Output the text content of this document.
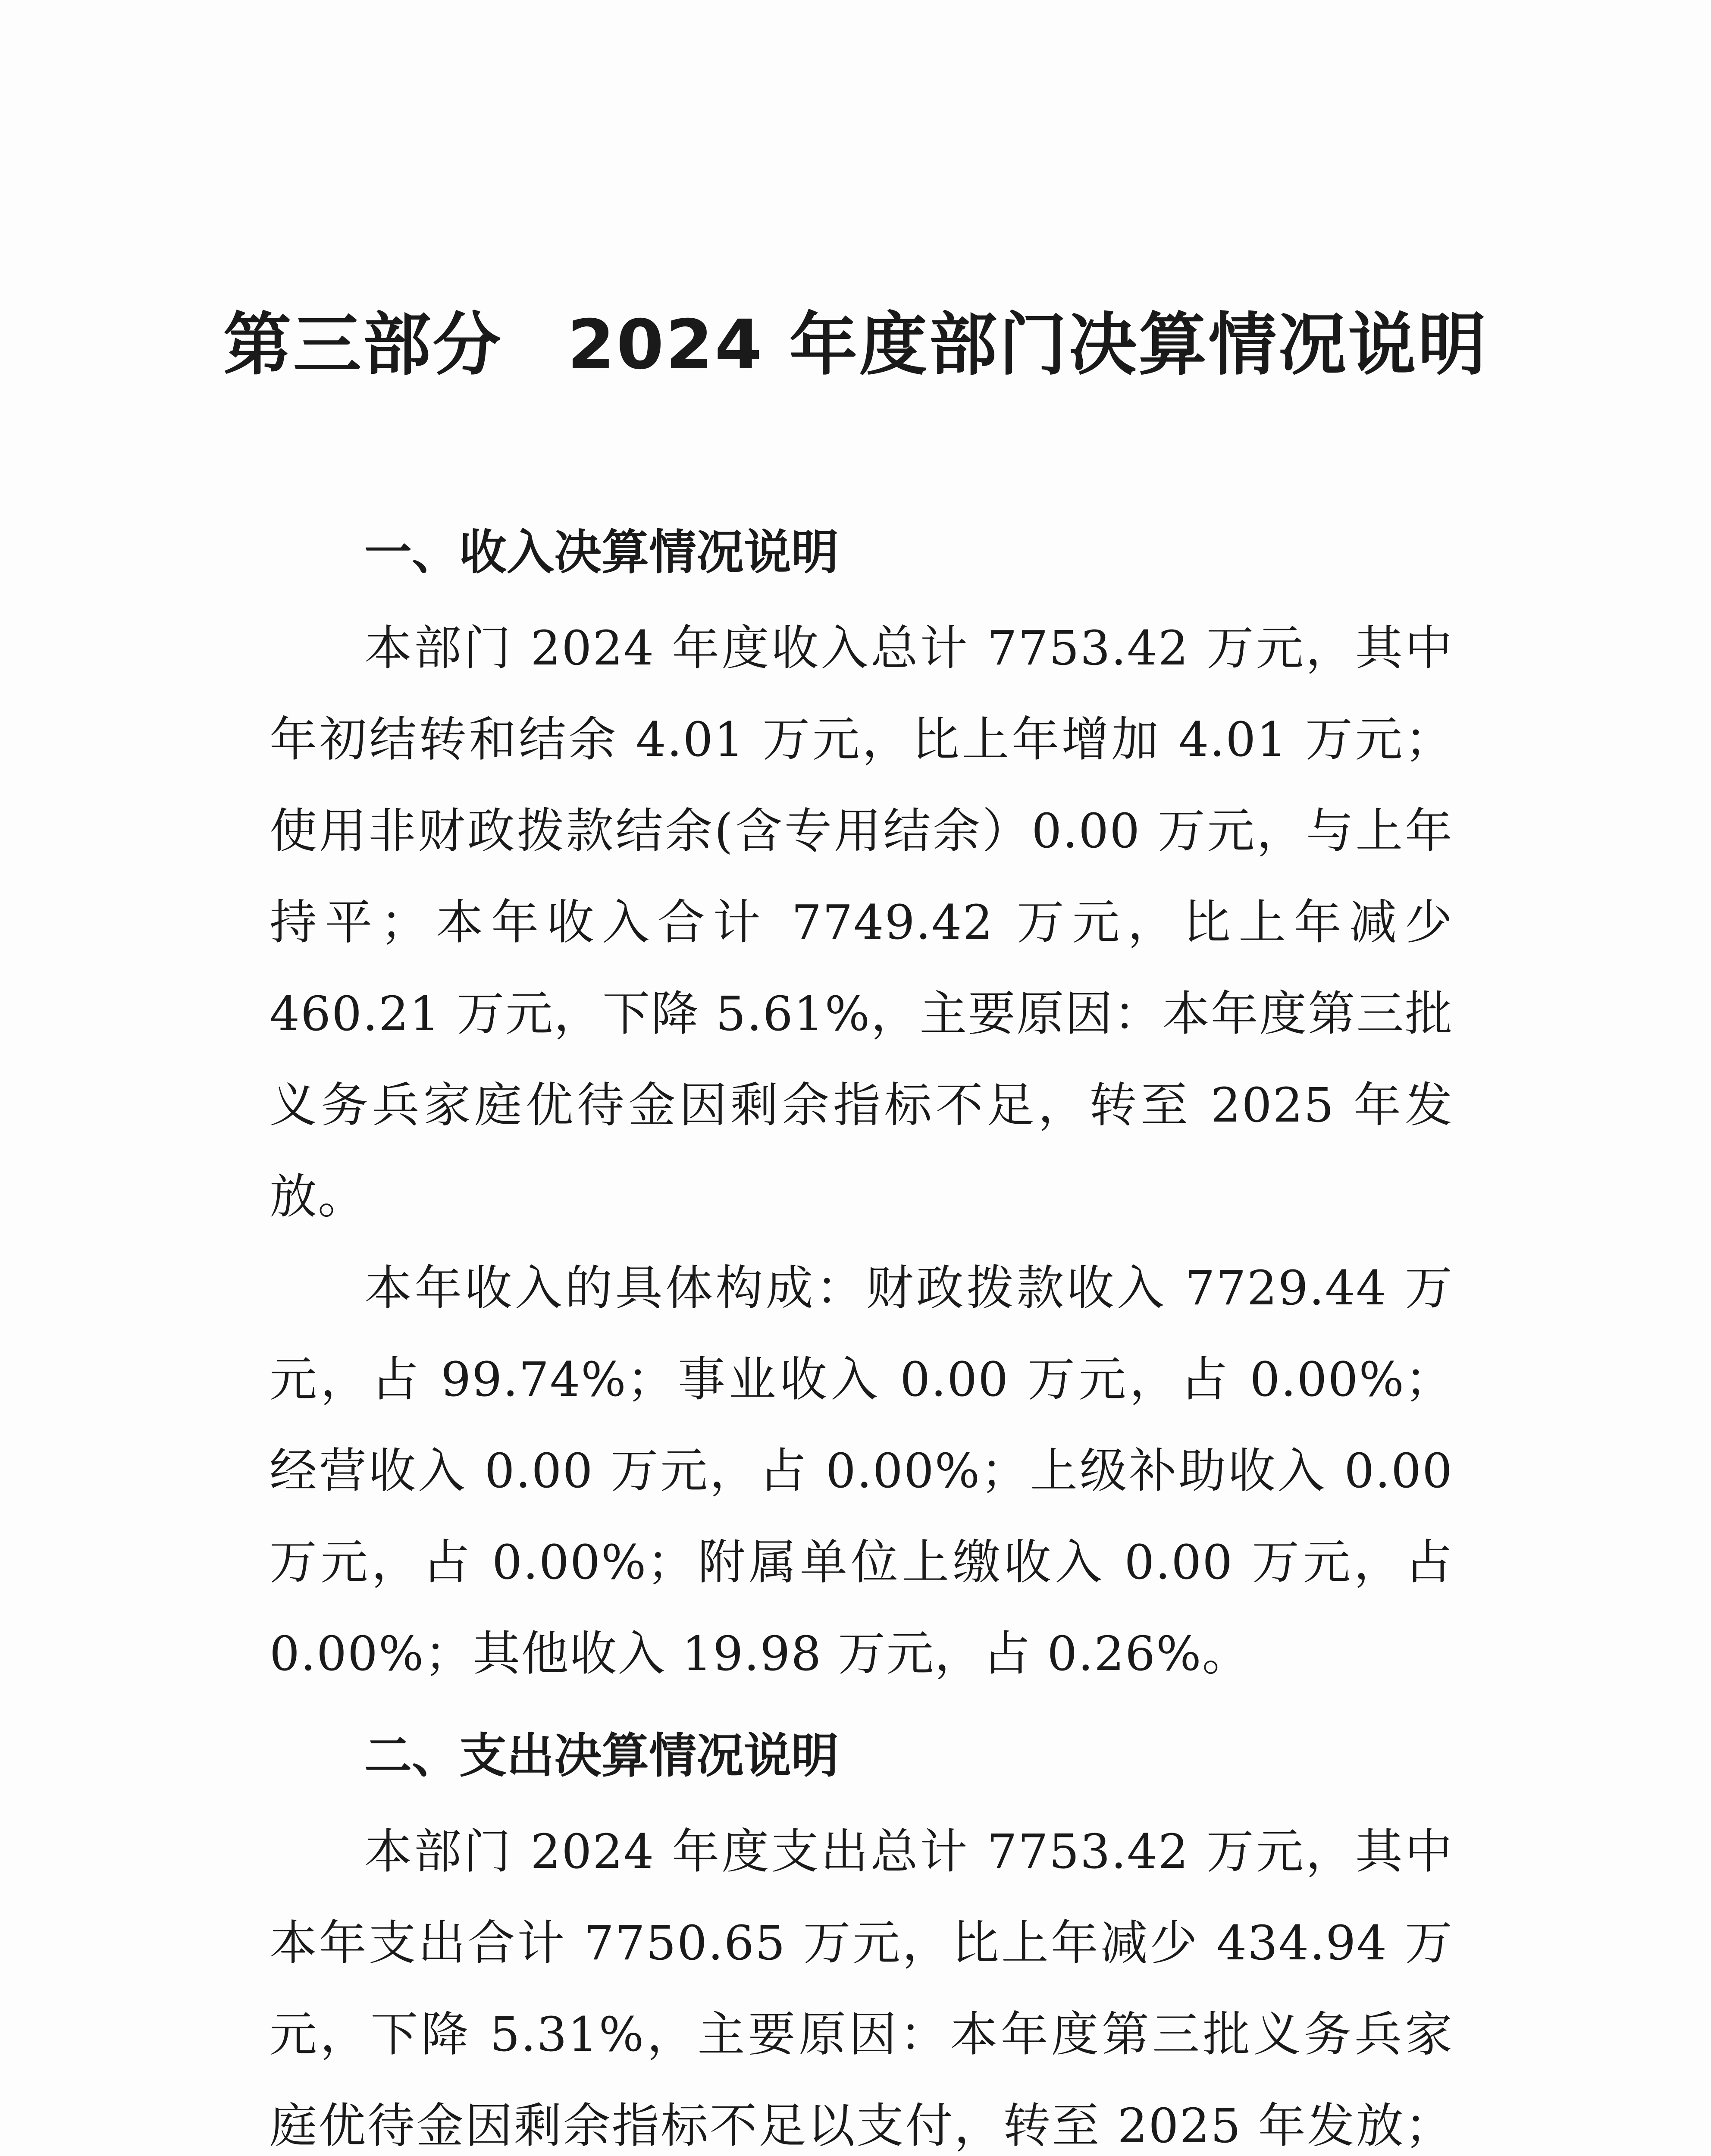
第三部分 2024 年度部门决算情况说明

一、收入决算情况说明

本部门 2024 年度收入总计 7753.42 万元，其中年初结转和结余 4.01 万元，比上年增加 4.01 万元；使用非财政拨款结余(含专用结余）0.00 万元，与上年持平；本年收入合计 7749.42 万元，比上年减少 460.21 万元，下降 5.61%，主要原因：本年度第三批义务兵家庭优待金因剩余指标不足，转至 2025 年发放。

本年收入的具体构成：财政拨款收入 7729.44 万元，占 99.74%；事业收入 0.00 万元，占 0.00%；经营收入 0.00 万元，占 0.00%；上级补助收入 0.00 万元，占 0.00%；附属单位上缴收入 0.00 万元，占 0.00%；其他收入 19.98 万元，占 0.26%。

二、支出决算情况说明

本部门 2024 年度支出总计 7753.42 万元，其中本年支出合计 7750.65 万元，比上年减少 434.94 万元，下降 5.31%，主要原因：本年度第三批义务兵家庭优待金因剩余指标不足以支付，转至 2025 年发放；
